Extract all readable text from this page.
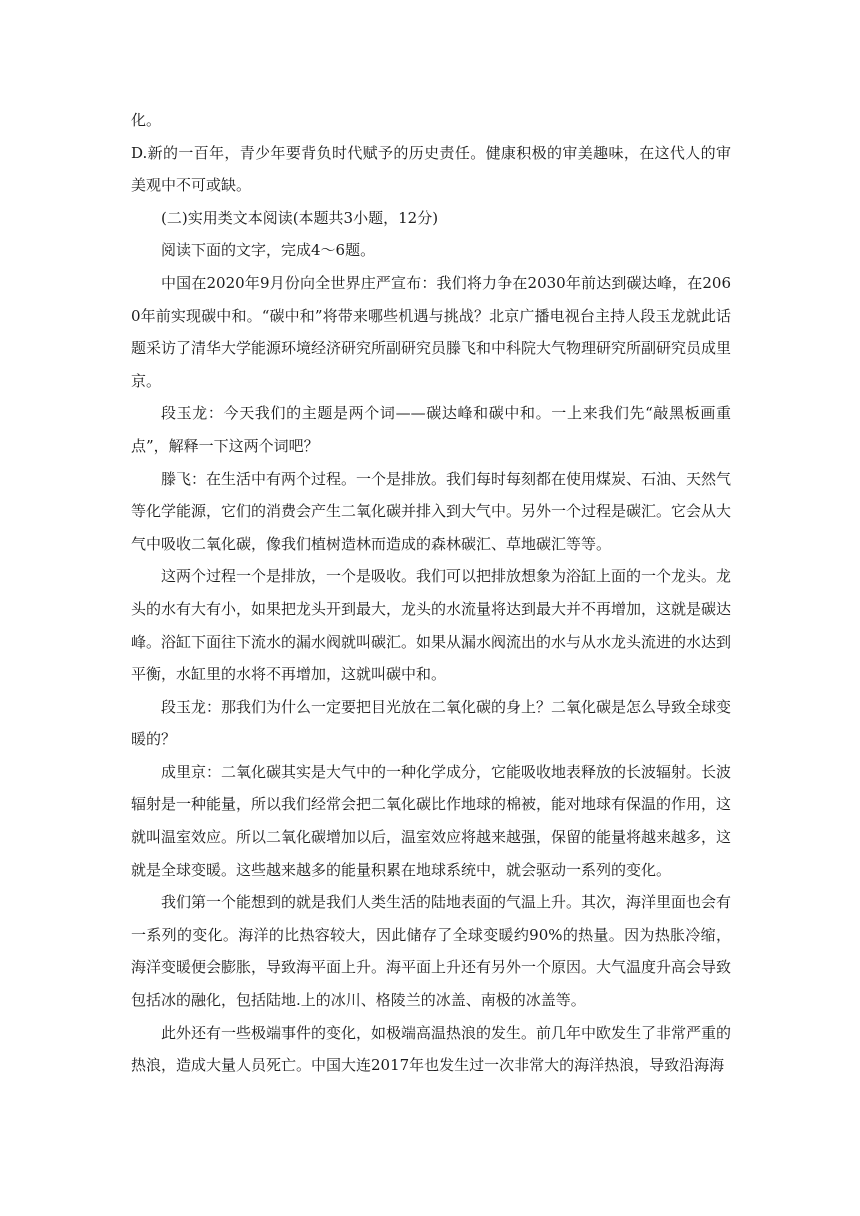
化。

D.新的一百年，青少年要背负时代赋予的历史责任。健康积极的审美趣味，在这代人的审美观中不可或缺。

(二)实用类文本阅读(本题共3小题，12分)

阅读下面的文字，完成4～6题。

中国在2020年9月份向全世界庄严宣布：我们将力争在2030年前达到碳达峰，在2060年前实现碳中和。“碳中和”将带来哪些机遇与挑战？北京广播电视台主持人段玉龙就此话题采访了清华大学能源环境经济研究所副研究员滕飞和中科院大气物理研究所副研究员成里京。

段玉龙：今天我们的主题是两个词——碳达峰和碳中和。一上来我们先“敲黑板画重点”，解释一下这两个词吧？

滕飞：在生活中有两个过程。一个是排放。我们每时每刻都在使用煤炭、石油、天然气等化学能源，它们的消费会产生二氧化碳并排入到大气中。另外一个过程是碳汇。它会从大气中吸收二氧化碳，像我们植树造林而造成的森林碳汇、草地碳汇等等。

这两个过程一个是排放，一个是吸收。我们可以把排放想象为浴缸上面的一个龙头。龙头的水有大有小，如果把龙头开到最大，龙头的水流量将达到最大并不再增加，这就是碳达峰。浴缸下面往下流水的漏水阀就叫碳汇。如果从漏水阀流出的水与从水龙头流进的水达到平衡，水缸里的水将不再增加，这就叫碳中和。

段玉龙：那我们为什么一定要把目光放在二氧化碳的身上？二氧化碳是怎么导致全球变暖的？

成里京：二氧化碳其实是大气中的一种化学成分，它能吸收地表释放的长波辐射。长波辐射是一种能量，所以我们经常会把二氧化碳比作地球的棉被，能对地球有保温的作用，这就叫温室效应。所以二氧化碳增加以后，温室效应将越来越强，保留的能量将越来越多，这就是全球变暖。这些越来越多的能量积累在地球系统中，就会驱动一系列的变化。

我们第一个能想到的就是我们人类生活的陆地表面的气温上升。其次，海洋里面也会有一系列的变化。海洋的比热容较大，因此储存了全球变暖约90%的热量。因为热胀冷缩，海洋变暖便会膨胀，导致海平面上升。海平面上升还有另外一个原因。大气温度升高会导致包括冰的融化，包括陆地.上的冰川、格陵兰的冰盖、南极的冰盖等。

此外还有一些极端事件的变化，如极端高温热浪的发生。前几年中欧发生了非常严重的热浪，造成大量人员死亡。中国大连2017年也发生过一次非常大的海洋热浪，导致沿海海
